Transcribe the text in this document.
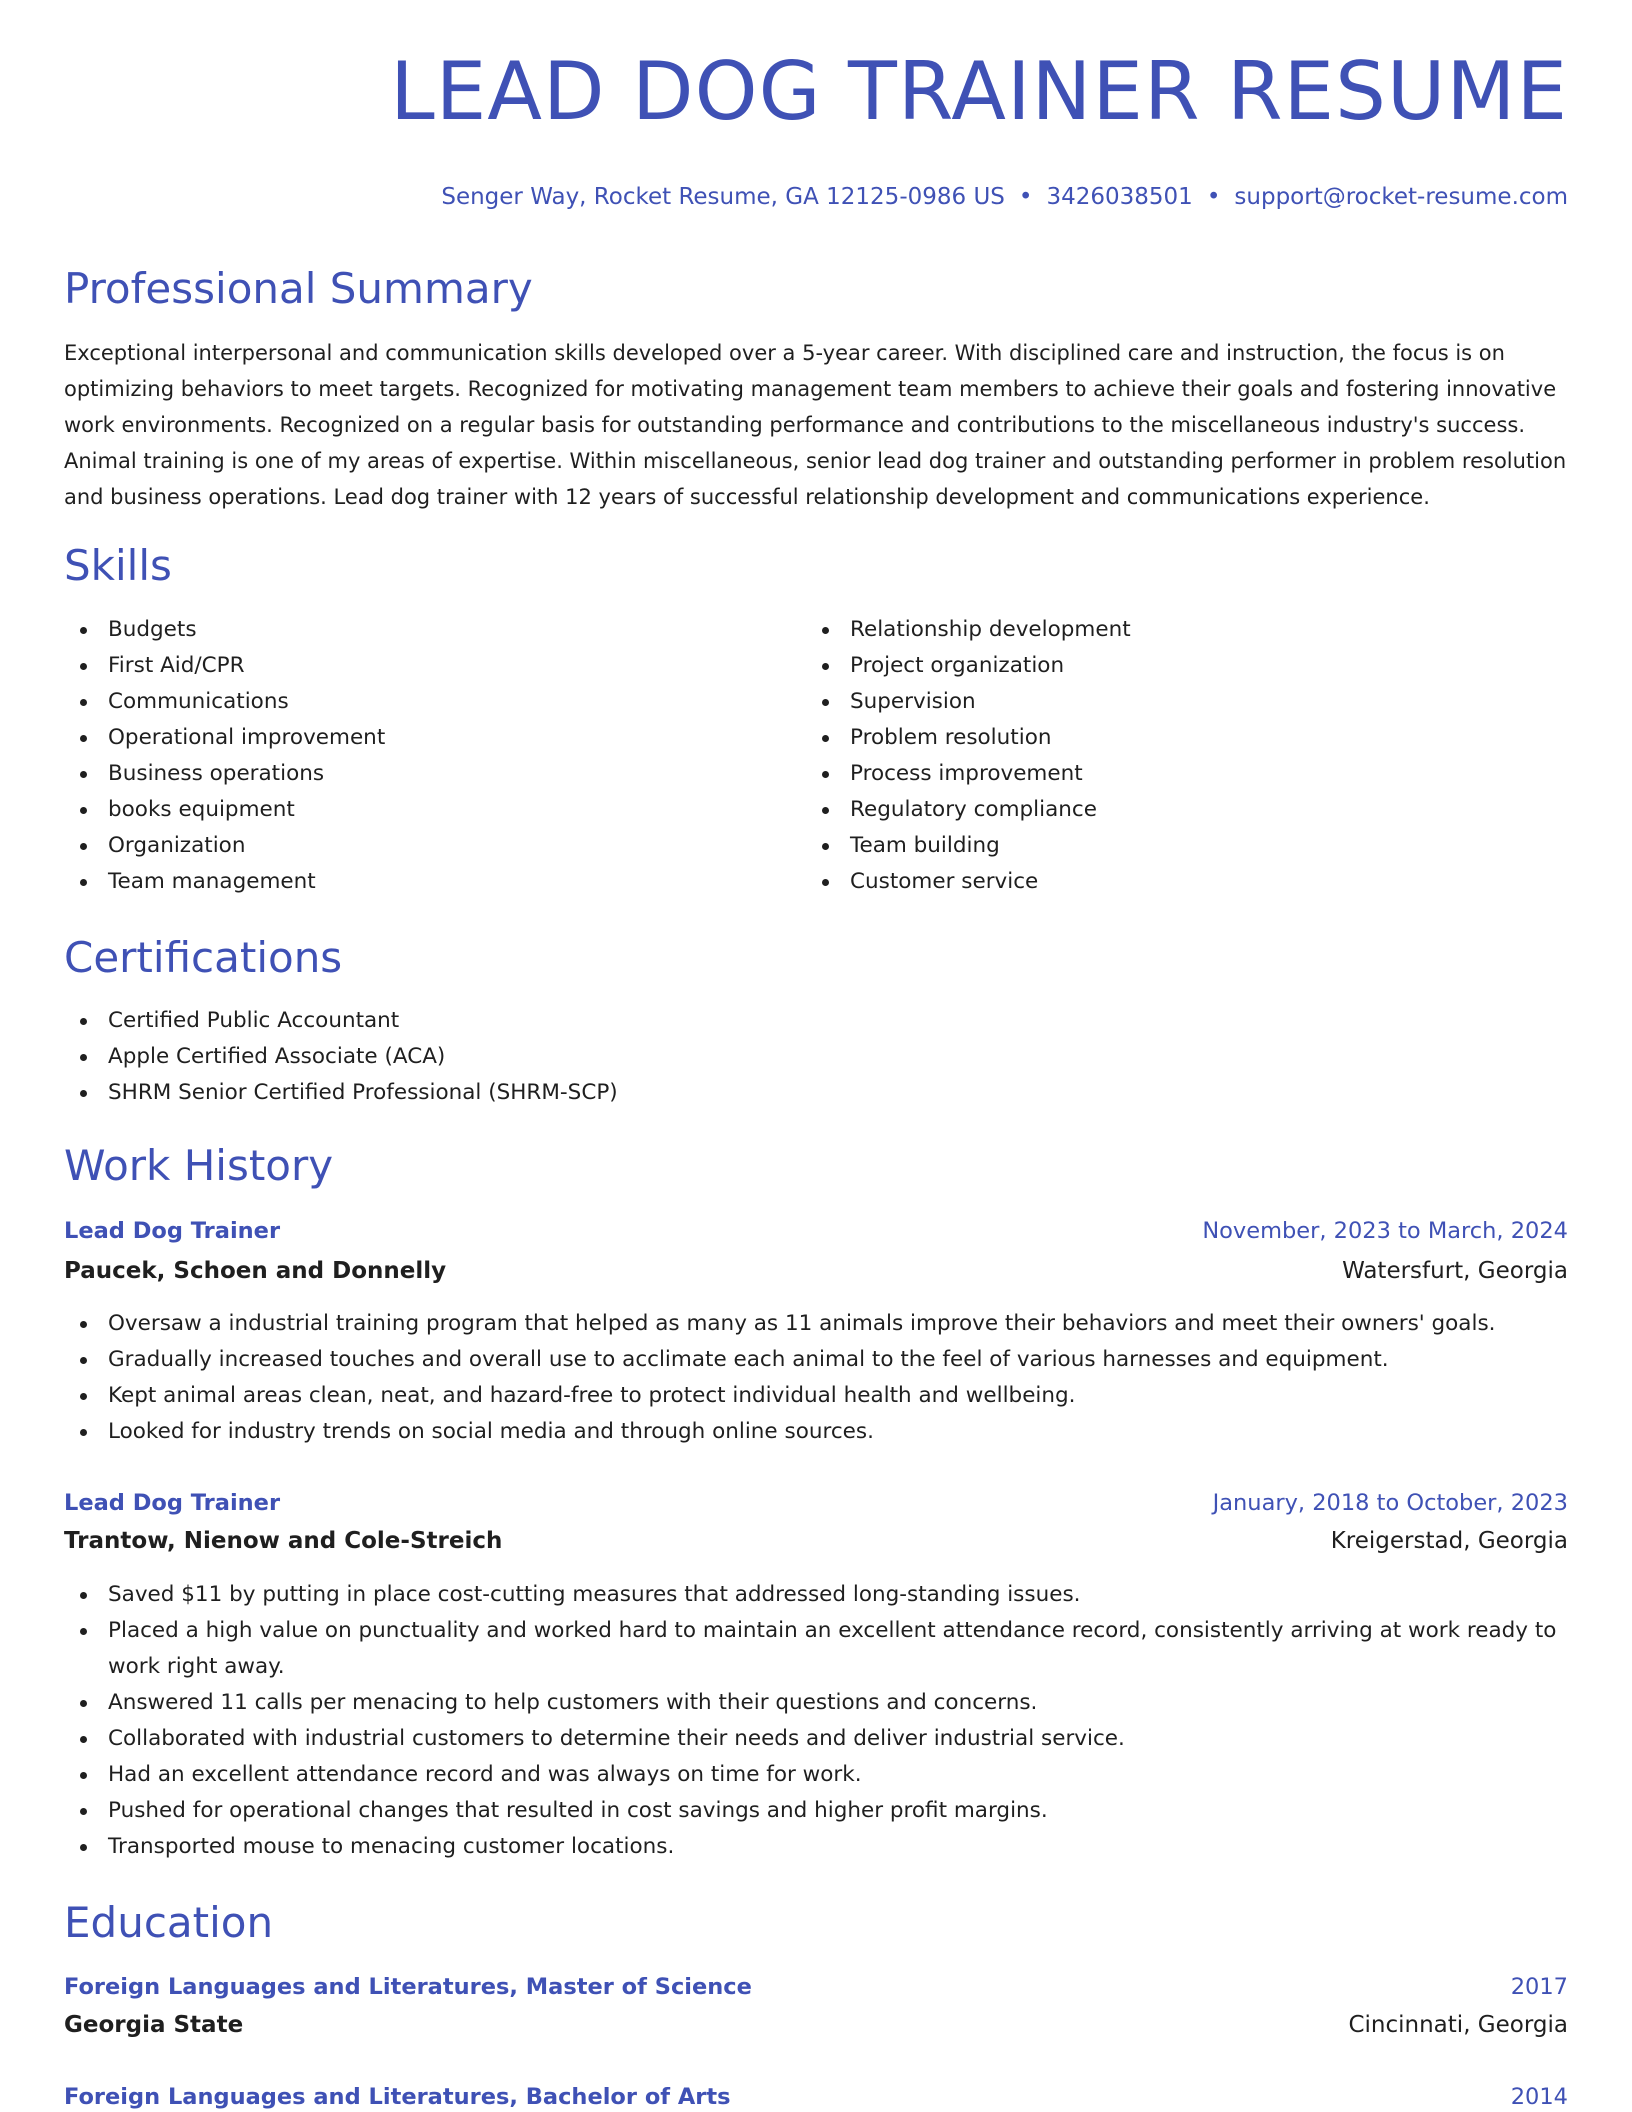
LEAD DOG TRAINER RESUME
Senger Way, Rocket Resume, GA 12125-0986 US • 3426038501 • support@rocket-resume.com
Professional Summary

Exceptional interpersonal and communication skills developed over a 5-year career. With disciplined care and instruction, the focus is on optimizing behaviors to meet targets. Recognized for motivating management team members to achieve their goals and fostering innovative work environments. Recognized on a regular basis for outstanding performance and contributions to the miscellaneous industry's success. Animal training is one of my areas of expertise. Within miscellaneous, senior lead dog trainer and outstanding performer in problem resolution and business operations. Lead dog trainer with 12 years of successful relationship development and communications experience.

Skills
Budgets
First Aid/CPR
Communications
Operational improvement
Business operations
books equipment
Organization
Team management
Relationship development
Project organization
Supervision
Problem resolution
Process improvement
Regulatory compliance
Team building
Customer service
Certifications
Certified Public Accountant
Apple Certified Associate (ACA)
SHRM Senior Certified Professional (SHRM-SCP)
Work History
Lead Dog Trainer	November, 2023 to March, 2024
Paucek, Schoen and Donnelly	Watersfurt, Georgia
Oversaw a industrial training program that helped as many as 11 animals improve their behaviors and meet their owners' goals.
Gradually increased touches and overall use to acclimate each animal to the feel of various harnesses and equipment.
Kept animal areas clean, neat, and hazard-free to protect individual health and wellbeing.
Looked for industry trends on social media and through online sources.
Lead Dog Trainer	January, 2018 to October, 2023
Trantow, Nienow and Cole-Streich	Kreigerstad, Georgia
Saved $11 by putting in place cost-cutting measures that addressed long-standing issues.
Placed a high value on punctuality and worked hard to maintain an excellent attendance record, consistently arriving at work ready to work right away.
Answered 11 calls per menacing to help customers with their questions and concerns.
Collaborated with industrial customers to determine their needs and deliver industrial service.
Had an excellent attendance record and was always on time for work.
Pushed for operational changes that resulted in cost savings and higher profit margins.
Transported mouse to menacing customer locations.
Education
Foreign Languages and Literatures, Master of Science	2017
Georgia State	Cincinnati, Georgia
Foreign Languages and Literatures, Bachelor of Arts	2014
